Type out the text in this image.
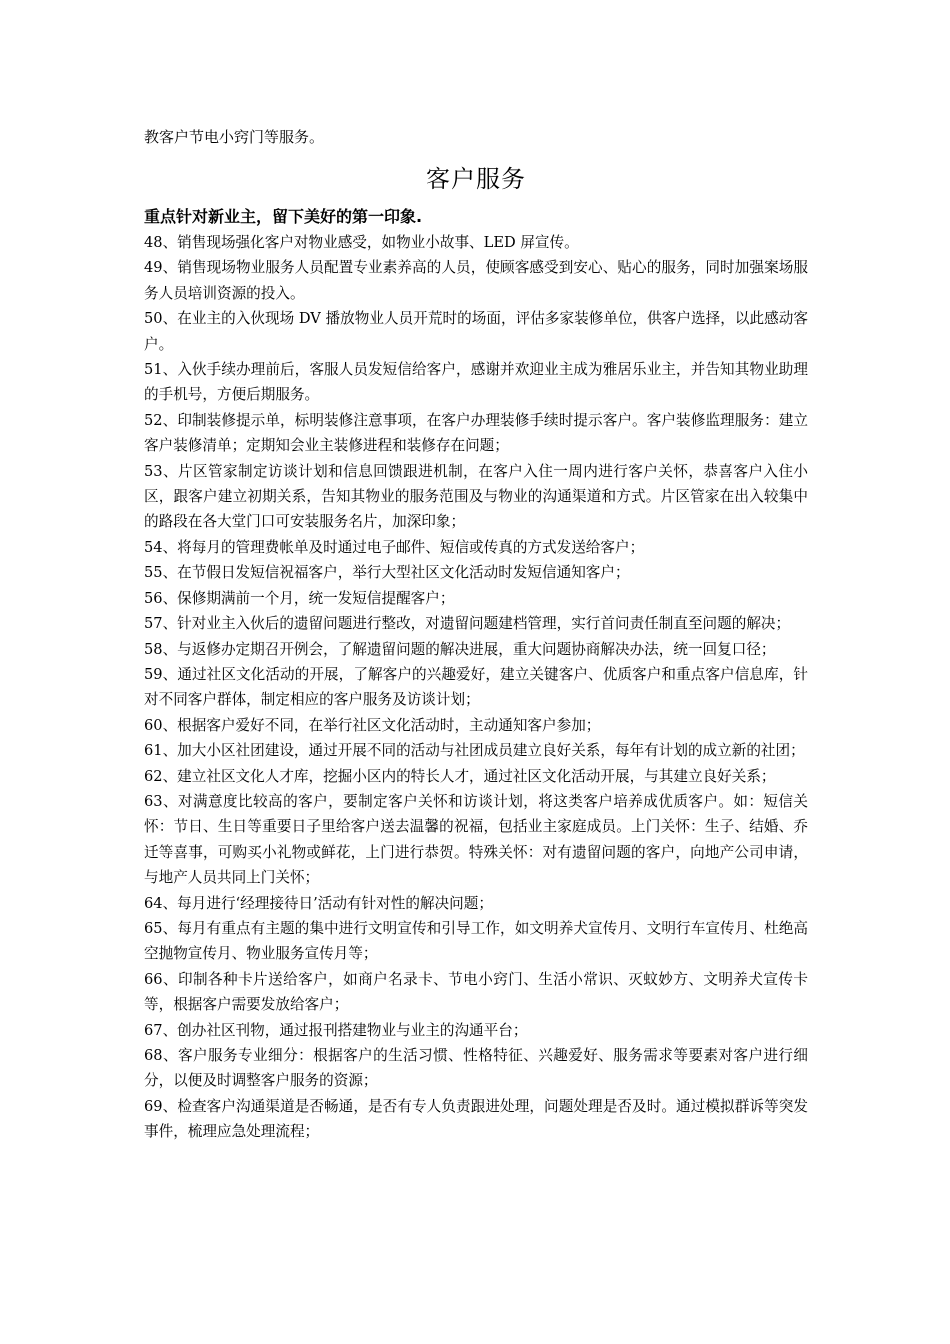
教客户节电小窍门等服务。
客户服务
重点针对新业主，留下美好的第一印象.
48、销售现场强化客户对物业感受，如物业小故事、LED 屏宣传。
49、销售现场物业服务人员配置专业素养高的人员，使顾客感受到安心、贴心的服务，同时加强案场服务人员培训资源的投入。
50、在业主的入伙现场 DV 播放物业人员开荒时的场面，评估多家装修单位，供客户选择，以此感动客户。
51、入伙手续办理前后，客服人员发短信给客户，感谢并欢迎业主成为雅居乐业主，并告知其物业助理的手机号，方便后期服务。
52、印制装修提示单，标明装修注意事项，在客户办理装修手续时提示客户。客户装修监理服务：建立客户装修清单；定期知会业主装修进程和装修存在问题；
53、片区管家制定访谈计划和信息回馈跟进机制，在客户入住一周内进行客户关怀，恭喜客户入住小区，跟客户建立初期关系，告知其物业的服务范围及与物业的沟通渠道和方式。片区管家在出入较集中的路段在各大堂门口可安装服务名片，加深印象；
54、将每月的管理费帐单及时通过电子邮件、短信或传真的方式发送给客户；
55、在节假日发短信祝福客户，举行大型社区文化活动时发短信通知客户；
56、保修期满前一个月，统一发短信提醒客户；
57、针对业主入伙后的遗留问题进行整改，对遗留问题建档管理，实行首问责任制直至问题的解决；
58、与返修办定期召开例会，了解遗留问题的解决进展，重大问题协商解决办法，统一回复口径；
59、通过社区文化活动的开展，了解客户的兴趣爱好，建立关键客户、优质客户和重点客户信息库，针对不同客户群体，制定相应的客户服务及访谈计划；
60、根据客户爱好不同，在举行社区文化活动时，主动通知客户参加；
61、加大小区社团建设，通过开展不同的活动与社团成员建立良好关系，每年有计划的成立新的社团；
62、建立社区文化人才库，挖掘小区内的特长人才，通过社区文化活动开展，与其建立良好关系；
63、对满意度比较高的客户，要制定客户关怀和访谈计划，将这类客户培养成优质客户。如：短信关怀：节日、生日等重要日子里给客户送去温馨的祝福，包括业主家庭成员。上门关怀：生子、结婚、乔迁等喜事，可购买小礼物或鲜花，上门进行恭贺。特殊关怀：对有遗留问题的客户，向地产公司申请，与地产人员共同上门关怀；
64、每月进行‘经理接待日’活动有针对性的解决问题；
65、每月有重点有主题的集中进行文明宣传和引导工作，如文明养犬宣传月、文明行车宣传月、杜绝高空抛物宣传月、物业服务宣传月等；
66、印制各种卡片送给客户，如商户名录卡、节电小窍门、生活小常识、灭蚊妙方、文明养犬宣传卡等，根据客户需要发放给客户；
67、创办社区刊物，通过报刊搭建物业与业主的沟通平台；
68、客户服务专业细分：根据客户的生活习惯、性格特征、兴趣爱好、服务需求等要素对客户进行细分，以便及时调整客户服务的资源；
69、检查客户沟通渠道是否畅通，是否有专人负责跟进处理，问题处理是否及时。通过模拟群诉等突发事件，梳理应急处理流程；
